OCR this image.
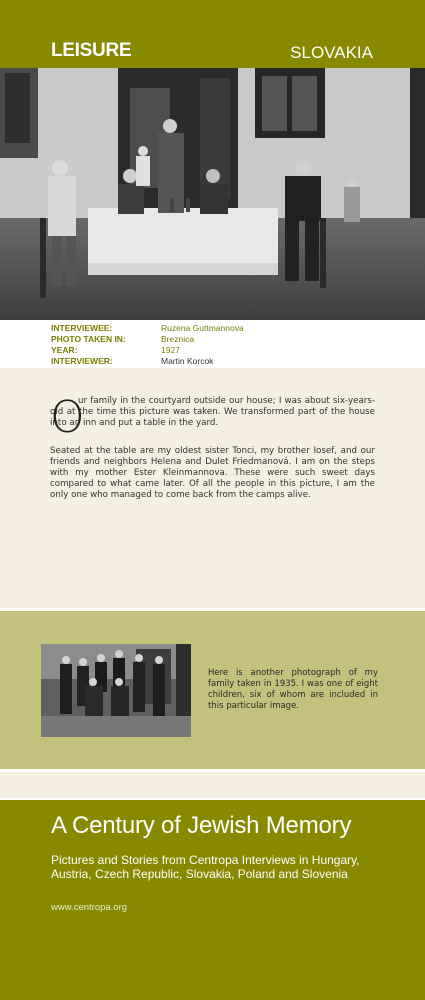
LEISURE	SLOVAKIA
INTERVIEWEE:	Ruzena Guttmannova
PHOTO TAKEN IN:	Breznica
YEAR:	1927
INTERVIEWER:	Martin Korcok
O

ur family in the courtyard outside our house; I was about six-years-old at the time this picture was taken. We transformed part of the house into an inn and put a table in the yard.

Seated at the table are my oldest sister Tonci, my brother Iosef, and our friends and neighbors Helena and Dulet Friedmanová. I am on the steps with my mother Ester Kleinmannova. These were such sweet days compared to what came later. Of all the people in this picture, I am the only one who managed to come back from the camps alive.

Here is another photograph of my family taken in 1935. I was one of eight children, six of whom are included in this particular image.
A Century of Jewish Memory
Pictures and Stories from Centropa Interviews in Hungary, Austria, Czech Republic, Slovakia, Poland and Slovenia
www.centropa.org
